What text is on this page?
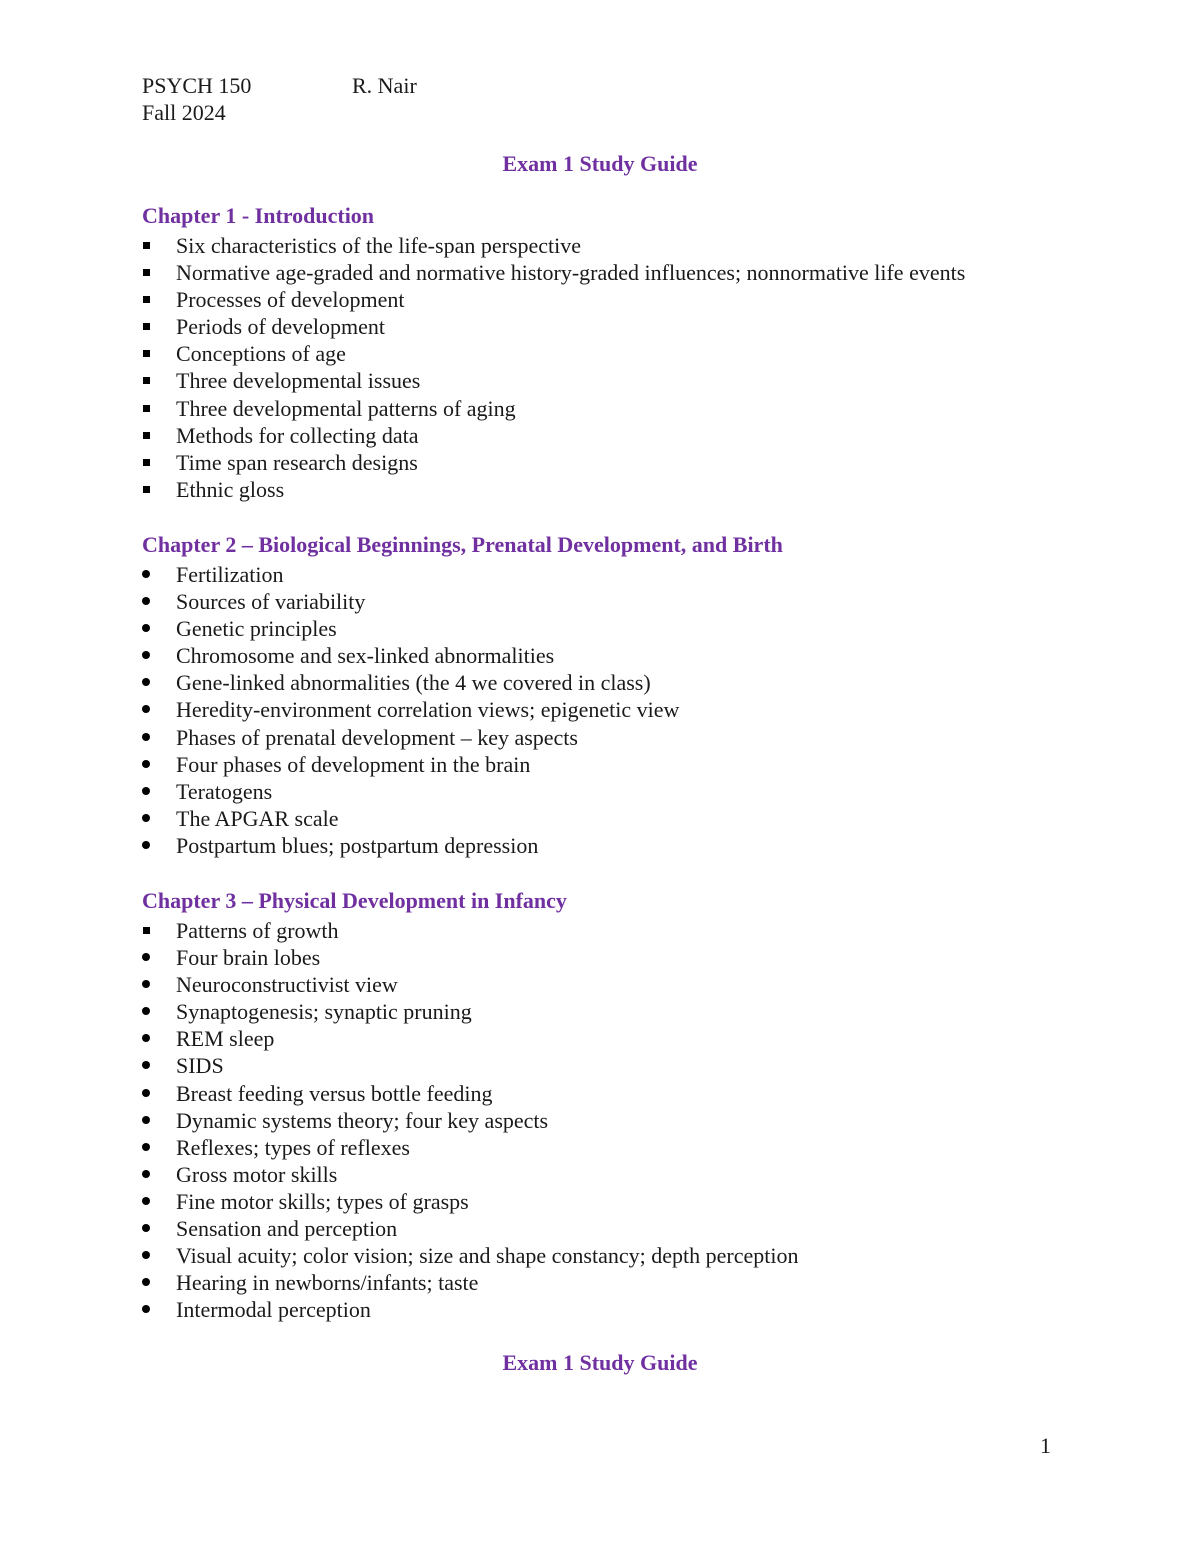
PSYCH 150	R. Nair
Fall 2024
Exam 1 Study Guide
Chapter 1 - Introduction
Six characteristics of the life-span perspective
Normative age-graded and normative history-graded influences; nonnormative life events
Processes of development
Periods of development
Conceptions of age
Three developmental issues
Three developmental patterns of aging
Methods for collecting data
Time span research designs
Ethnic gloss
Chapter 2 – Biological Beginnings, Prenatal Development, and Birth
Fertilization
Sources of variability
Genetic principles
Chromosome and sex-linked abnormalities
Gene-linked abnormalities (the 4 we covered in class)
Heredity-environment correlation views; epigenetic view
Phases of prenatal development – key aspects
Four phases of development in the brain
Teratogens
The APGAR scale
Postpartum blues; postpartum depression
Chapter 3 – Physical Development in Infancy
Patterns of growth
Four brain lobes
Neuroconstructivist view
Synaptogenesis; synaptic pruning
REM sleep
SIDS
Breast feeding versus bottle feeding
Dynamic systems theory; four key aspects
Reflexes; types of reflexes
Gross motor skills
Fine motor skills; types of grasps
Sensation and perception
Visual acuity; color vision; size and shape constancy; depth perception
Hearing in newborns/infants; taste
Intermodal perception
Exam 1 Study Guide
1
